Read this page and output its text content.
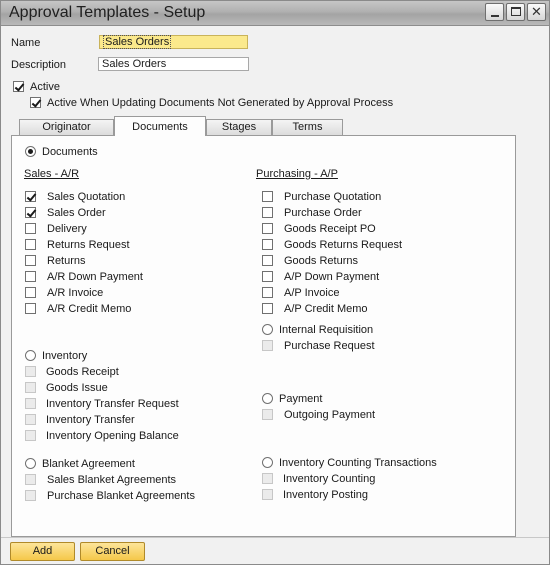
Approval Templates - Setup	✕
Name	Sales Orders
Description	Sales Orders
Active
Active When Updating Documents Not Generated by Approval Process
Originator	Documents	Stages	Terms
Documents
Sales - A/R
Sales Quotation
Sales Order
Delivery
Returns Request
Returns
A/R Down Payment
A/R Invoice
A/R Credit Memo
Purchasing - A/P
Purchase Quotation
Purchase Order
Goods Receipt PO
Goods Returns Request
Goods Returns
A/P Down Payment
A/P Invoice
A/P Credit Memo
Internal Requisition
Purchase Request
Inventory
Goods Receipt
Goods Issue
Inventory Transfer Request
Inventory Transfer
Inventory Opening Balance
Payment
Outgoing Payment
Blanket Agreement
Sales Blanket Agreements
Purchase Blanket Agreements
Inventory Counting Transactions
Inventory Counting
Inventory Posting
Add	Cancel
